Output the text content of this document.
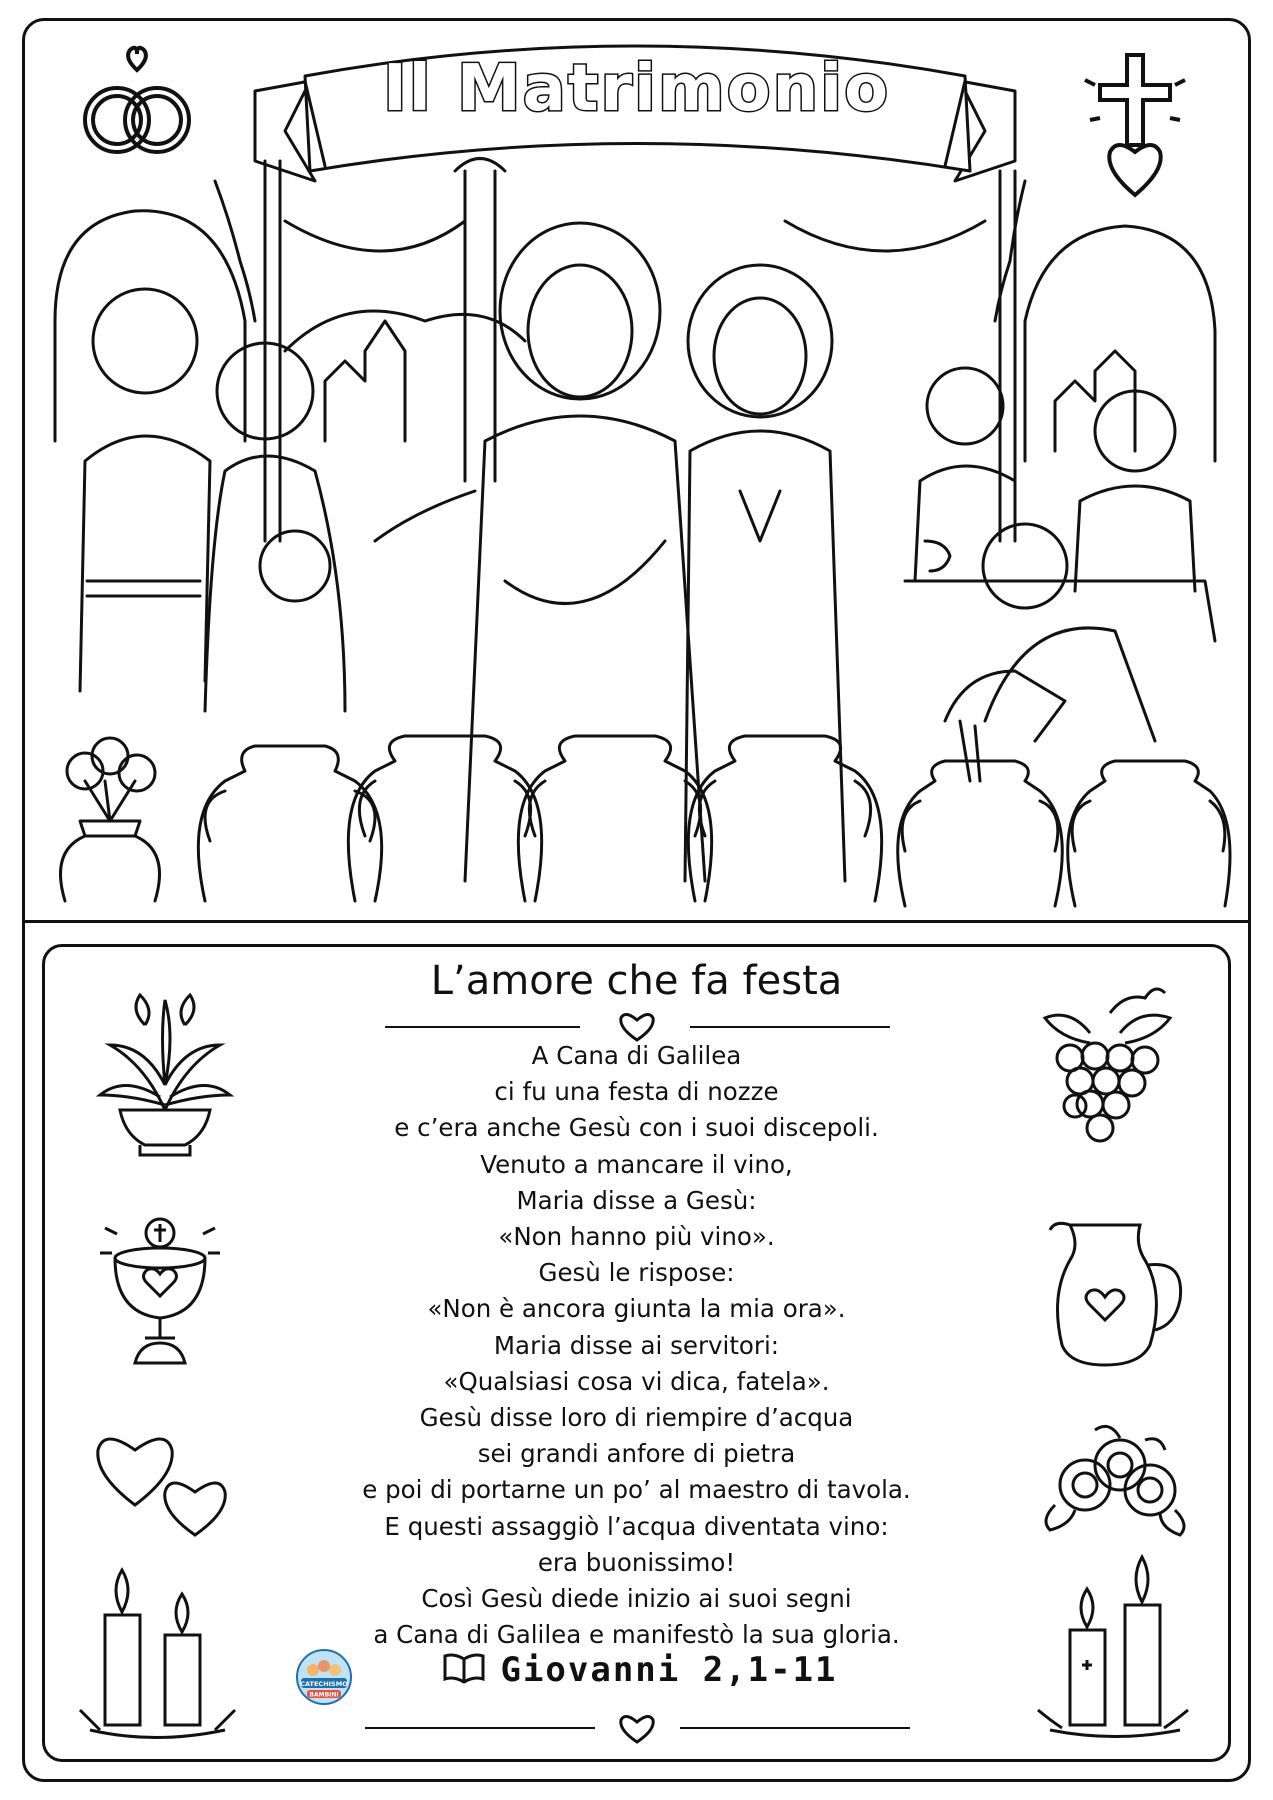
Il Matrimonio
L’amore che fa festa
A Cana di Galilea
ci fu una festa di nozze
e c’era anche Gesù con i suoi discepoli.
Venuto a mancare il vino,
Maria disse a Gesù:
«Non hanno più vino».
Gesù le rispose:
«Non è ancora giunta la mia ora».
Maria disse ai servitori:
«Qualsiasi cosa vi dica, fatela».
Gesù disse loro di riempire d’acqua
sei grandi anfore di pietra
e poi di portarne un po’ al maestro di tavola.
E questi assaggiò l’acqua diventata vino:
era buonissimo!
Così Gesù diede inizio ai suoi segni
a Cana di Galilea e manifestò la sua gloria.
CATECHISMO
BAMBINI
Giovanni 2,1-11
